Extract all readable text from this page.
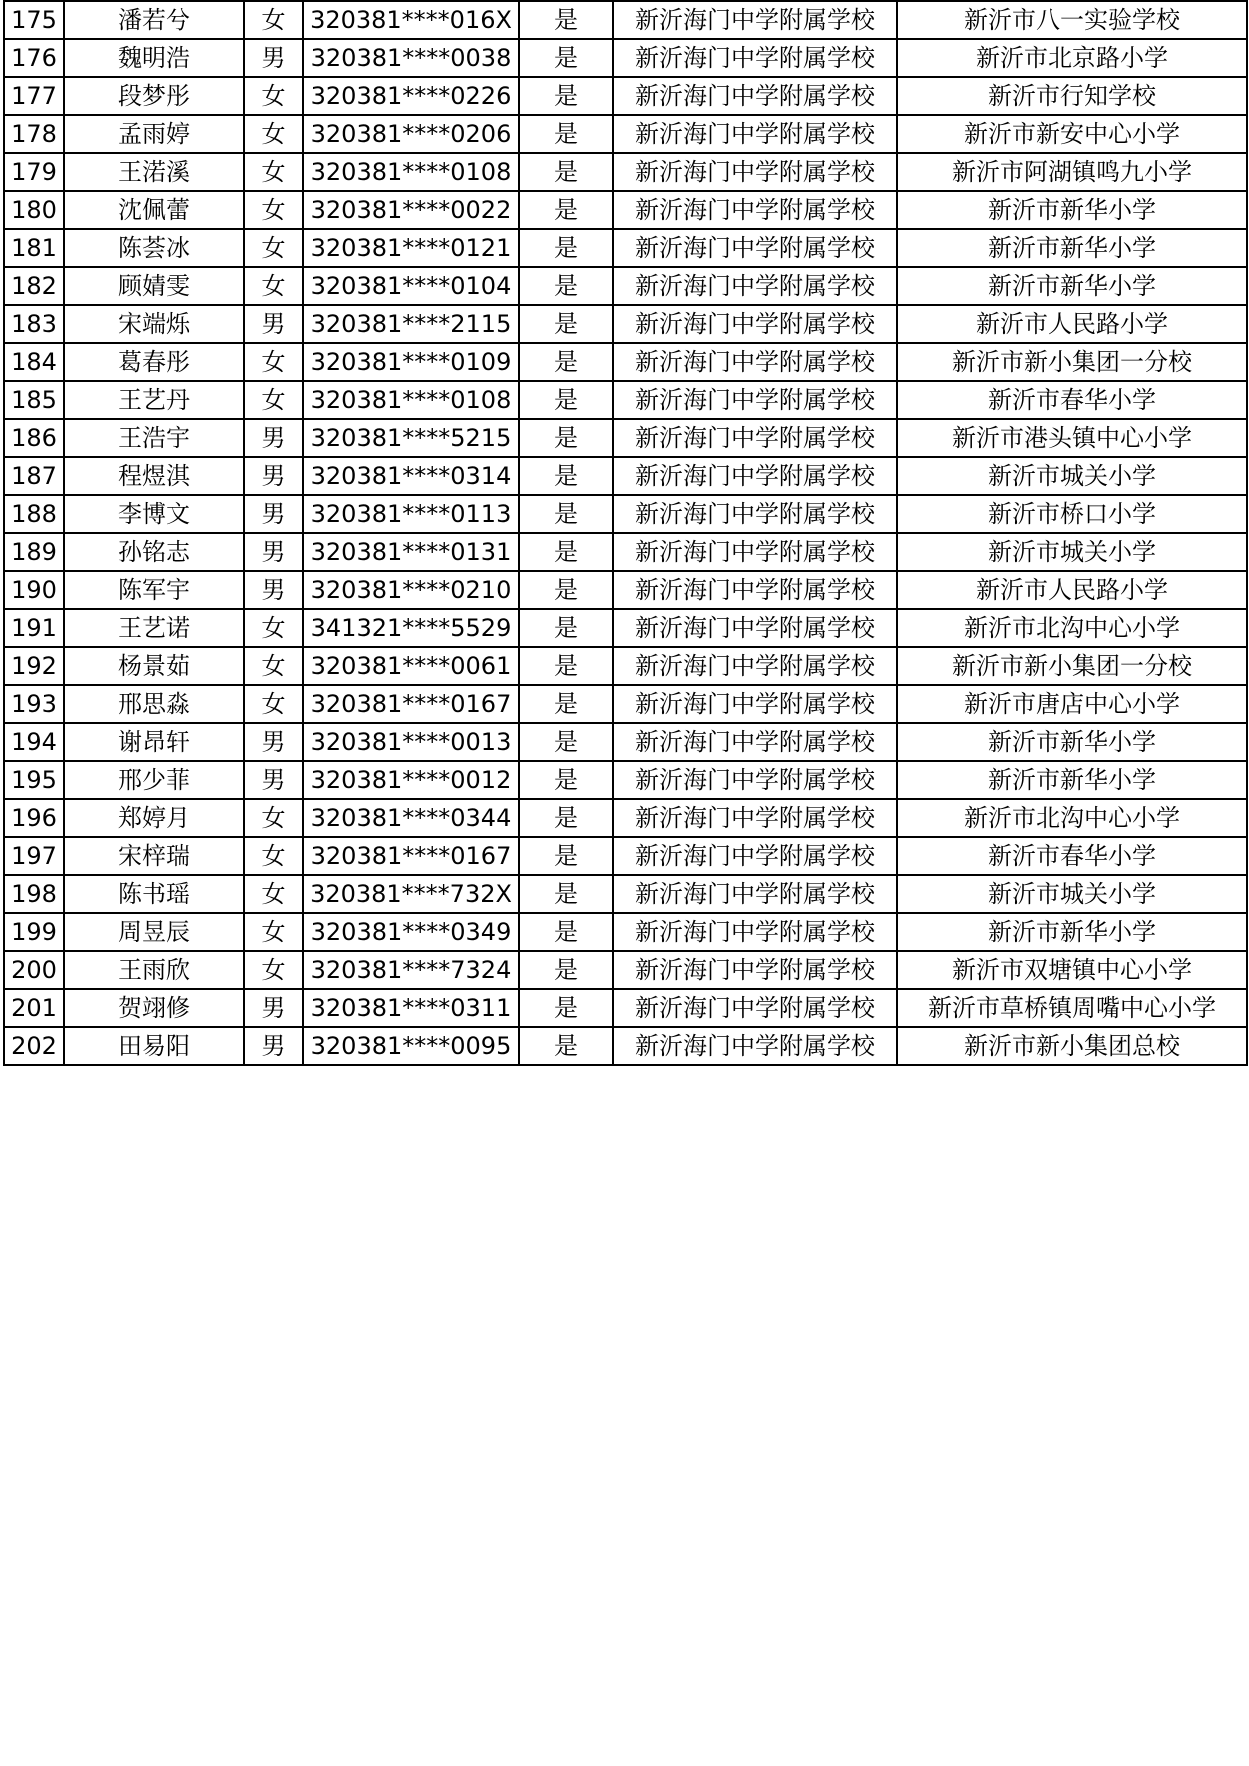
175	潘若兮	女	320381****016X	是	新沂海门中学附属学校	新沂市八一实验学校
176	魏明浩	男	320381****0038	是	新沂海门中学附属学校	新沂市北京路小学
177	段梦彤	女	320381****0226	是	新沂海门中学附属学校	新沂市行知学校
178	孟雨婷	女	320381****0206	是	新沂海门中学附属学校	新沂市新安中心小学
179	王渃溪	女	320381****0108	是	新沂海门中学附属学校	新沂市阿湖镇鸣九小学
180	沈佩蕾	女	320381****0022	是	新沂海门中学附属学校	新沂市新华小学
181	陈荟冰	女	320381****0121	是	新沂海门中学附属学校	新沂市新华小学
182	顾婧雯	女	320381****0104	是	新沂海门中学附属学校	新沂市新华小学
183	宋端烁	男	320381****2115	是	新沂海门中学附属学校	新沂市人民路小学
184	葛春彤	女	320381****0109	是	新沂海门中学附属学校	新沂市新小集团一分校
185	王艺丹	女	320381****0108	是	新沂海门中学附属学校	新沂市春华小学
186	王浩宇	男	320381****5215	是	新沂海门中学附属学校	新沂市港头镇中心小学
187	程煜淇	男	320381****0314	是	新沂海门中学附属学校	新沂市城关小学
188	李博文	男	320381****0113	是	新沂海门中学附属学校	新沂市桥口小学
189	孙铭志	男	320381****0131	是	新沂海门中学附属学校	新沂市城关小学
190	陈军宇	男	320381****0210	是	新沂海门中学附属学校	新沂市人民路小学
191	王艺诺	女	341321****5529	是	新沂海门中学附属学校	新沂市北沟中心小学
192	杨景茹	女	320381****0061	是	新沂海门中学附属学校	新沂市新小集团一分校
193	邢思淼	女	320381****0167	是	新沂海门中学附属学校	新沂市唐店中心小学
194	谢昂轩	男	320381****0013	是	新沂海门中学附属学校	新沂市新华小学
195	邢少菲	男	320381****0012	是	新沂海门中学附属学校	新沂市新华小学
196	郑婷月	女	320381****0344	是	新沂海门中学附属学校	新沂市北沟中心小学
197	宋梓瑞	女	320381****0167	是	新沂海门中学附属学校	新沂市春华小学
198	陈书瑶	女	320381****732X	是	新沂海门中学附属学校	新沂市城关小学
199	周昱辰	女	320381****0349	是	新沂海门中学附属学校	新沂市新华小学
200	王雨欣	女	320381****7324	是	新沂海门中学附属学校	新沂市双塘镇中心小学
201	贺翊修	男	320381****0311	是	新沂海门中学附属学校	新沂市草桥镇周嘴中心小学
202	田易阳	男	320381****0095	是	新沂海门中学附属学校	新沂市新小集团总校
